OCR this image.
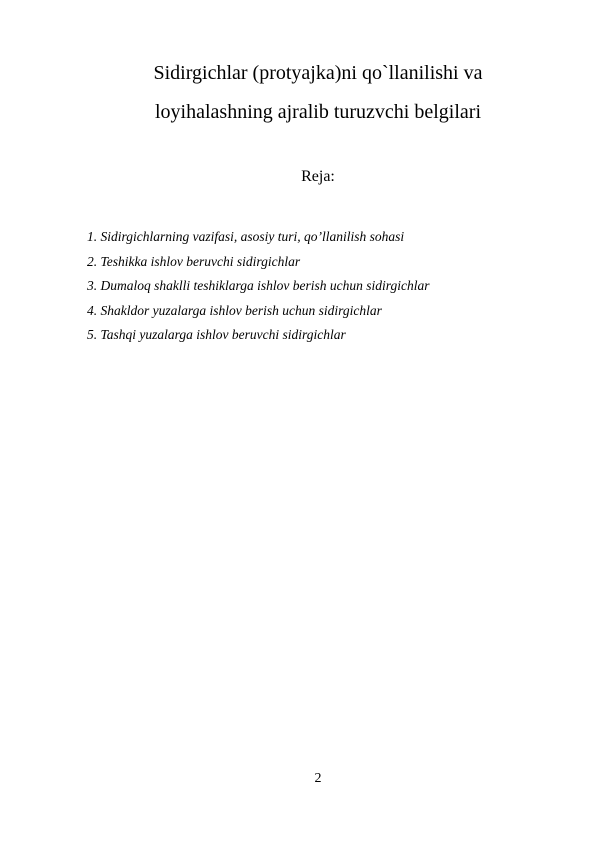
Sidirgichlar (protyajka)ni qo`llanilishi va
loyihalashning ajralib turuzvchi belgilari
Reja:
1. Sidirgichlarning vazifasi, asosiy turi, qo’llanilish sohasi
2. Teshikka ishlov beruvchi sidirgichlar
3. Dumaloq shaklli teshiklarga ishlov berish uchun sidirgichlar
4. Shakldor yuzalarga ishlov berish uchun sidirgichlar
5. Tashqi yuzalarga ishlov beruvchi sidirgichlar
2
